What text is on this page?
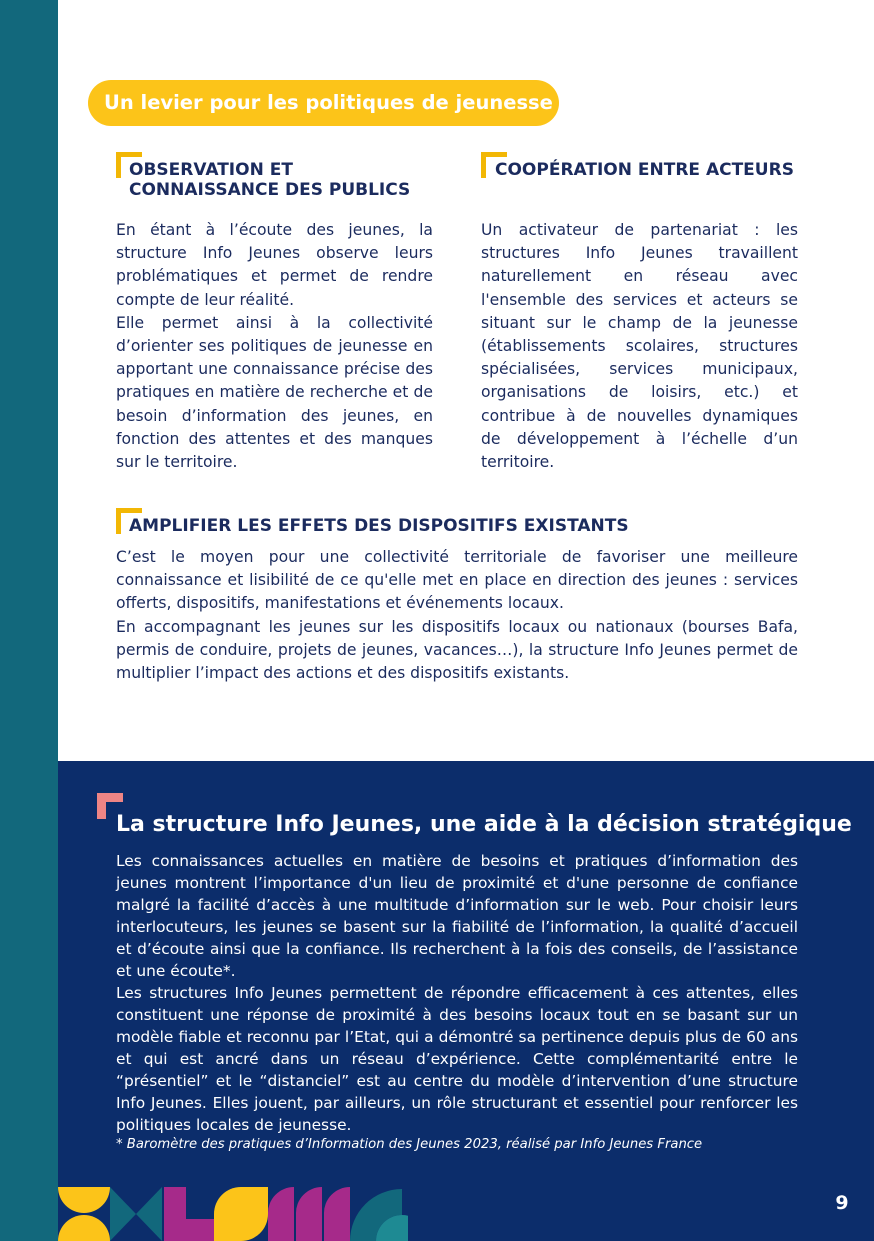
Un levier pour les politiques de jeunesse
OBSERVATION ET
CONNAISSANCE DES PUBLICS

En étant à l’écoute des jeunes, la structure Info Jeunes observe leurs problématiques et permet de rendre compte de leur réalité.

Elle permet ainsi à la collectivité d’orienter ses politiques de jeunesse en apportant une connaissance précise des pratiques en matière de recherche et de besoin d’information des jeunes, en fonction des attentes et des manques sur le territoire.

COOPÉRATION ENTRE ACTEURS

Un activateur de partenariat : les structures Info Jeunes travaillent naturellement en réseau avec l'ensemble des services et acteurs se situant sur le champ de la jeunesse (établissements scolaires, structures spécialisées, services municipaux, organisations de loisirs, etc.) et contribue à de nouvelles dynamiques de développement à l’échelle d’un territoire.

AMPLIFIER LES EFFETS DES DISPOSITIFS EXISTANTS

C’est le moyen pour une collectivité territoriale de favoriser une meilleure connaissance et lisibilité de ce qu'elle met en place en direction des jeunes : services offerts, dispositifs, manifestations et événements locaux.

En accompagnant les jeunes sur les dispositifs locaux ou nationaux (bourses Bafa, permis de conduire, projets de jeunes, vacances…), la structure Info Jeunes permet de multiplier l’impact des actions et des dispositifs existants.

La structure Info Jeunes, une aide à la décision stratégique

Les connaissances actuelles en matière de besoins et pratiques d’information des jeunes montrent l’importance d'un lieu de proximité et d'une personne de confiance malgré la facilité d’accès à une multitude d’information sur le web. Pour choisir leurs interlocuteurs, les jeunes se basent sur la fiabilité de l’information, la qualité d’accueil et d’écoute ainsi que la confiance. Ils recherchent à la fois des conseils, de l’assistance et une écoute*.

Les structures Info Jeunes permettent de répondre efficacement à ces attentes, elles constituent une réponse de proximité à des besoins locaux tout en se basant sur un modèle fiable et reconnu par l’Etat, qui a démontré sa pertinence depuis plus de 60 ans et qui est ancré dans un réseau d’expérience. Cette complémentarité entre le “présentiel” et le “distanciel” est au centre du modèle d’intervention d’une structure Info Jeunes. Elles jouent, par ailleurs, un rôle structurant et essentiel pour renforcer les politiques locales de jeunesse.

* Baromètre des pratiques d’Information des Jeunes 2023, réalisé par Info Jeunes France

9
